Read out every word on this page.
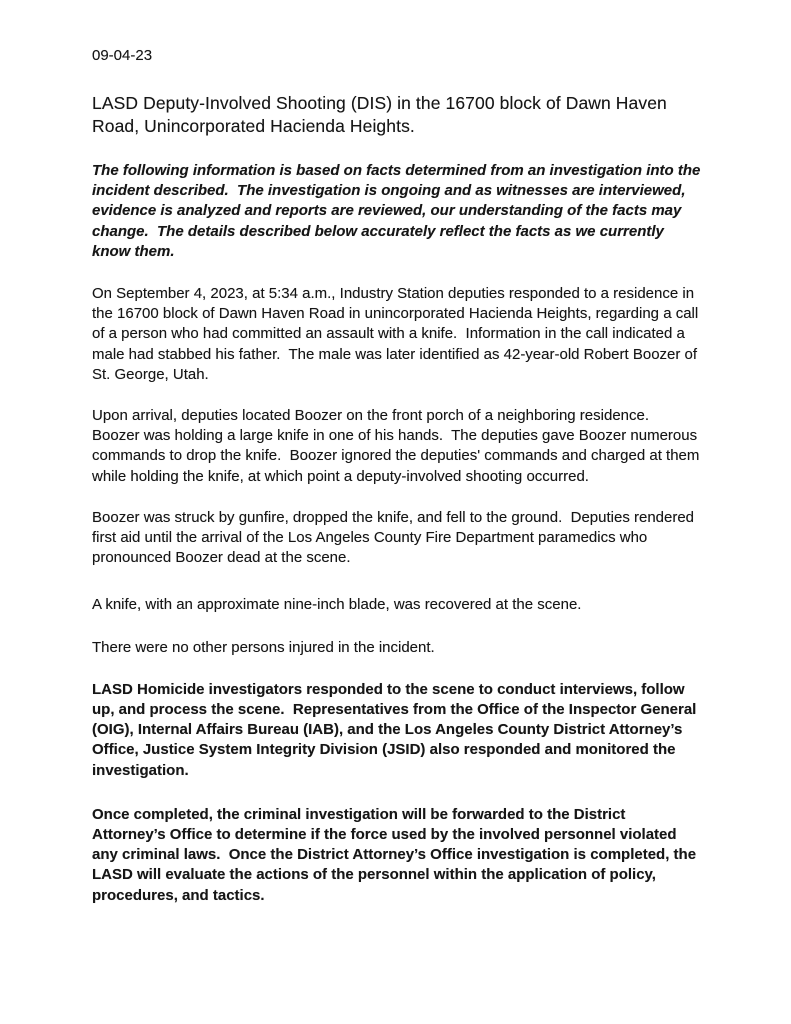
09-04-23
LASD Deputy-Involved Shooting (DIS) in the 16700 block of Dawn Haven Road, Unincorporated Hacienda Heights.

The following information is based on facts determined from an investigation into the incident described.  The investigation is ongoing and as witnesses are interviewed, evidence is analyzed and reports are reviewed, our understanding of the facts may change.  The details described below accurately reflect the facts as we currently know them.

On September 4, 2023, at 5:34 a.m., Industry Station deputies responded to a residence in the 16700 block of Dawn Haven Road in unincorporated Hacienda Heights, regarding a call of a person who had committed an assault with a knife.  Information in the call indicated a male had stabbed his father.  The male was later identified as 42-year-old Robert Boozer of St. George, Utah.

Upon arrival, deputies located Boozer on the front porch of a neighboring residence.  Boozer was holding a large knife in one of his hands.  The deputies gave Boozer numerous commands to drop the knife.  Boozer ignored the deputies' commands and charged at them while holding the knife, at which point a deputy-involved shooting occurred.

Boozer was struck by gunfire, dropped the knife, and fell to the ground.  Deputies rendered first aid until the arrival of the Los Angeles County Fire Department paramedics who pronounced Boozer dead at the scene.

A knife, with an approximate nine-inch blade, was recovered at the scene.

There were no other persons injured in the incident.

LASD Homicide investigators responded to the scene to conduct interviews, follow up, and process the scene.  Representatives from the Office of the Inspector General (OIG), Internal Affairs Bureau (IAB), and the Los Angeles County District Attorney’s Office, Justice System Integrity Division (JSID) also responded and monitored the investigation.

Once completed, the criminal investigation will be forwarded to the District Attorney’s Office to determine if the force used by the involved personnel violated any criminal laws.  Once the District Attorney’s Office investigation is completed, the LASD will evaluate the actions of the personnel within the application of policy, procedures, and tactics.
